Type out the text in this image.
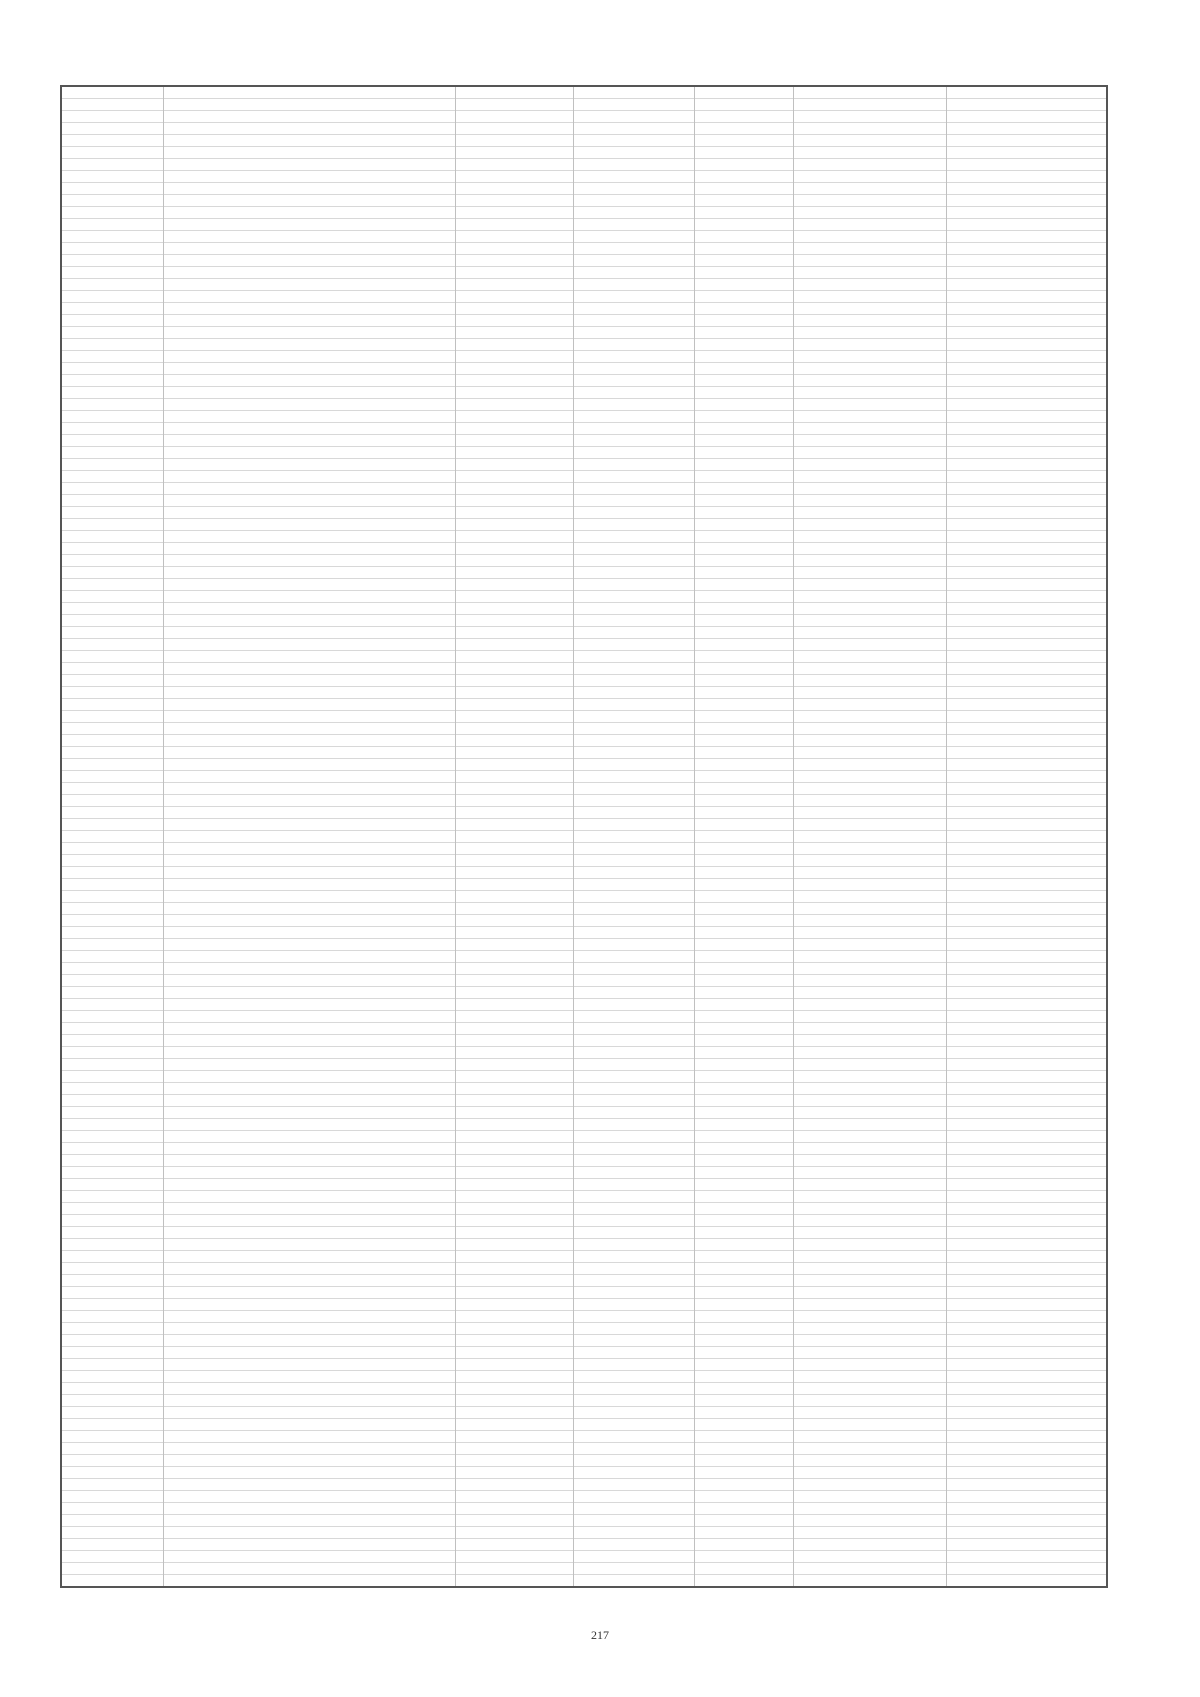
217
